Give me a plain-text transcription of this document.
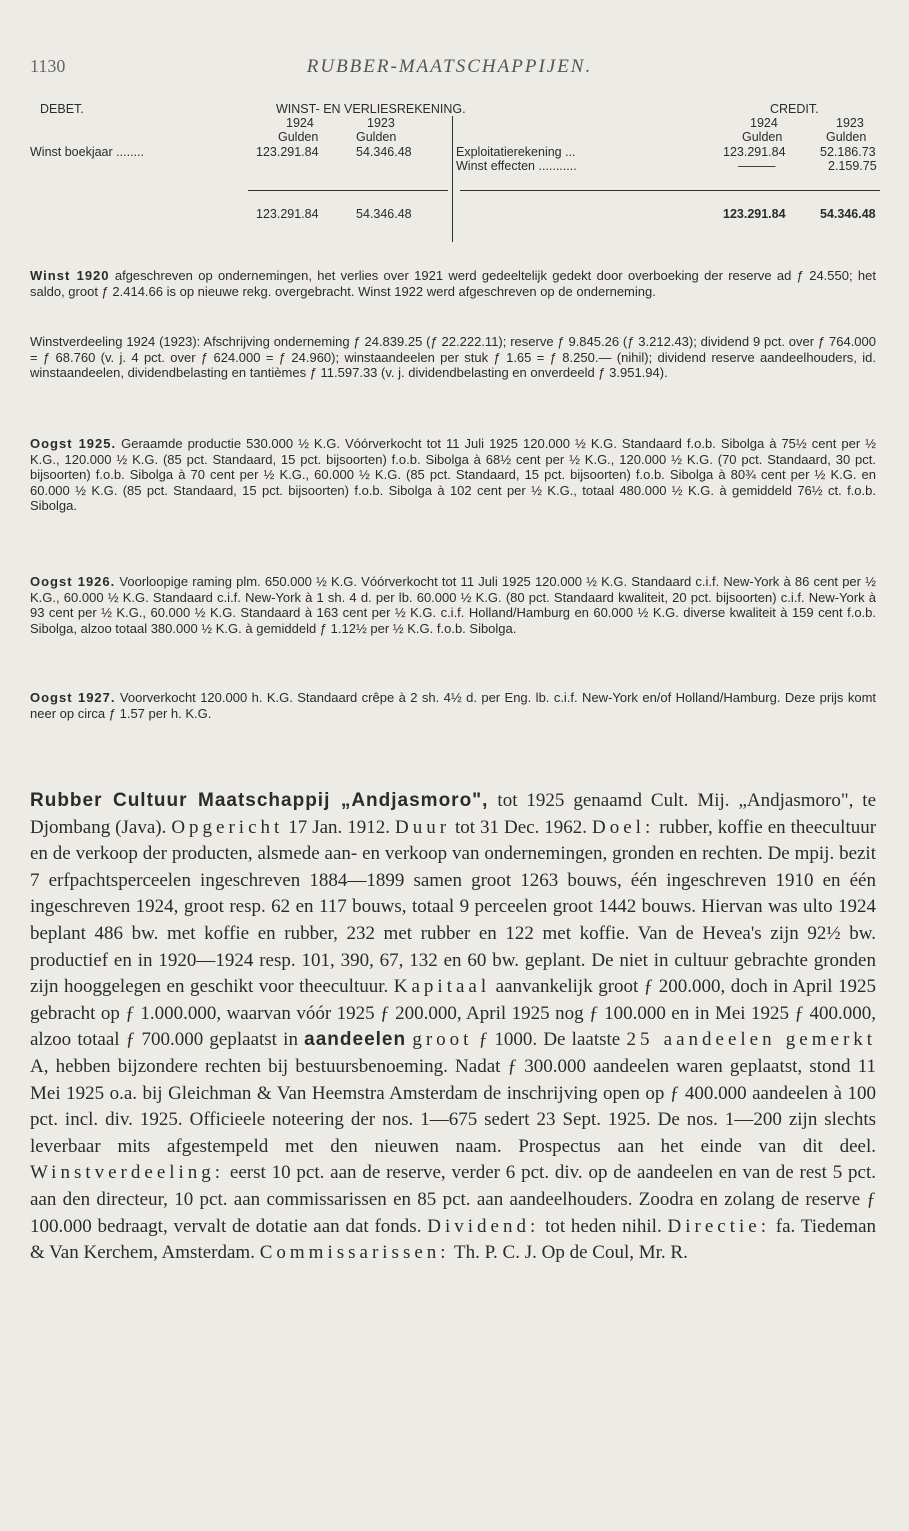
1130	RUBBER-MAATSCHAPPIJEN.
DEBET.	WINST- EN VERLIESREKENING.	CREDIT.
1924	1923	1924	1923
Gulden	Gulden	Gulden	Gulden
Winst boekjaar ........	123.291.84	54.346.48	Exploitatierekening ...	123.291.84	52.186.73
Winst effecten ...........	———	2.159.75
123.291.84	54.346.48	123.291.84	54.346.48

Winst 1920 afgeschreven op ondernemingen, het verlies over 1921 werd gedeeltelijk gedekt door overboeking der reserve ad ƒ 24.550; het saldo, groot ƒ 2.414.66 is op nieuwe rekg. overgebracht. Winst 1922 werd afgeschreven op de onderneming.

Winstverdeeling 1924 (1923): Afschrijving onderneming ƒ 24.839.25 (ƒ 22.222.11); reserve ƒ 9.845.26 (ƒ 3.212.43); dividend 9 pct. over ƒ 764.000 = ƒ 68.760 (v. j. 4 pct. over ƒ 624.000 = ƒ 24.960); winstaandeelen per stuk ƒ 1.65 = ƒ 8.250.— (nihil); dividend reserve aandeelhouders, id. winstaandeelen, dividendbelasting en tantièmes ƒ 11.597.33 (v. j. dividendbelasting en onverdeeld ƒ 3.951.94).

Oogst 1925. Geraamde productie 530.000 ½ K.G. Vóórverkocht tot 11 Juli 1925 120.000 ½ K.G. Standaard f.o.b. Sibolga à 75½ cent per ½ K.G., 120.000 ½ K.G. (85 pct. Standaard, 15 pct. bijsoorten) f.o.b. Sibolga à 68½ cent per ½ K.G., 120.000 ½ K.G. (70 pct. Standaard, 30 pct. bijsoorten) f.o.b. Sibolga à 70 cent per ½ K.G., 60.000 ½ K.G. (85 pct. Standaard, 15 pct. bijsoorten) f.o.b. Sibolga à 80¾ cent per ½ K.G. en 60.000 ½ K.G. (85 pct. Standaard, 15 pct. bijsoorten) f.o.b. Sibolga à 102 cent per ½ K.G., totaal 480.000 ½ K.G. à gemiddeld 76½ ct. f.o.b. Sibolga.

Oogst 1926. Voorloopige raming plm. 650.000 ½ K.G. Vóórverkocht tot 11 Juli 1925 120.000 ½ K.G. Standaard c.i.f. New-York à 86 cent per ½ K.G., 60.000 ½ K.G. Standaard c.i.f. New-York à 1 sh. 4 d. per lb. 60.000 ½ K.G. (80 pct. Standaard kwaliteit, 20 pct. bijsoorten) c.i.f. New-York à 93 cent per ½ K.G., 60.000 ½ K.G. Standaard à 163 cent per ½ K.G. c.i.f. Holland/Hamburg en 60.000 ½ K.G. diverse kwaliteit à 159 cent f.o.b. Sibolga, alzoo totaal 380.000 ½ K.G. à gemiddeld ƒ 1.12½ per ½ K.G. f.o.b. Sibolga.

Oogst 1927. Voorverkocht 120.000 h. K.G. Standaard crêpe à 2 sh. 4½ d. per Eng. lb. c.i.f. New-York en/of Holland/Hamburg. Deze prijs komt neer op circa ƒ 1.57 per h. K.G.

Rubber Cultuur Maatschappij „Andjasmoro", tot 1925 genaamd Cult. Mij. „Andjasmoro", te Djombang (Java). Opgericht 17 Jan. 1912. Duur tot 31 Dec. 1962. Doel: rubber, koffie en theecultuur en de verkoop der producten, alsmede aan- en verkoop van ondernemingen, gronden en rechten. De mpij. bezit 7 erfpachtsperceelen ingeschreven 1884—1899 samen groot 1263 bouws, één ingeschreven 1910 en één ingeschreven 1924, groot resp. 62 en 117 bouws, totaal 9 perceelen groot 1442 bouws. Hiervan was ulto 1924 beplant 486 bw. met koffie en rubber, 232 met rubber en 122 met koffie. Van de Hevea's zijn 92½ bw. productief en in 1920—1924 resp. 101, 390, 67, 132 en 60 bw. geplant. De niet in cultuur gebrachte gronden zijn hooggelegen en geschikt voor theecultuur. Kapitaal aanvankelijk groot ƒ 200.000, doch in April 1925 gebracht op ƒ 1.000.000, waarvan vóór 1925 ƒ 200.000, April 1925 nog ƒ 100.000 en in Mei 1925 ƒ 400.000, alzoo totaal ƒ 700.000 geplaatst in aandeelen groot ƒ 1000. De laatste 25 aandeelen gemerkt A, hebben bijzondere rechten bij bestuursbenoeming. Nadat ƒ 300.000 aandeelen waren geplaatst, stond 11 Mei 1925 o.a. bij Gleichman & Van Heemstra Amsterdam de inschrijving open op ƒ 400.000 aandeelen à 100 pct. incl. div. 1925. Officieele noteering der nos. 1—675 sedert 23 Sept. 1925. De nos. 1—200 zijn slechts leverbaar mits afgestempeld met den nieuwen naam. Prospectus aan het einde van dit deel. Winstverdeeling: eerst 10 pct. aan de reserve, verder 6 pct. div. op de aandeelen en van de rest 5 pct. aan den directeur, 10 pct. aan commissarissen en 85 pct. aan aandeelhouders. Zoodra en zolang de reserve ƒ 100.000 bedraagt, vervalt de dotatie aan dat fonds. Dividend: tot heden nihil. Directie: fa. Tiedeman & Van Kerchem, Amsterdam. Commissarissen: Th. P. C. J. Op de Coul, Mr. R.
